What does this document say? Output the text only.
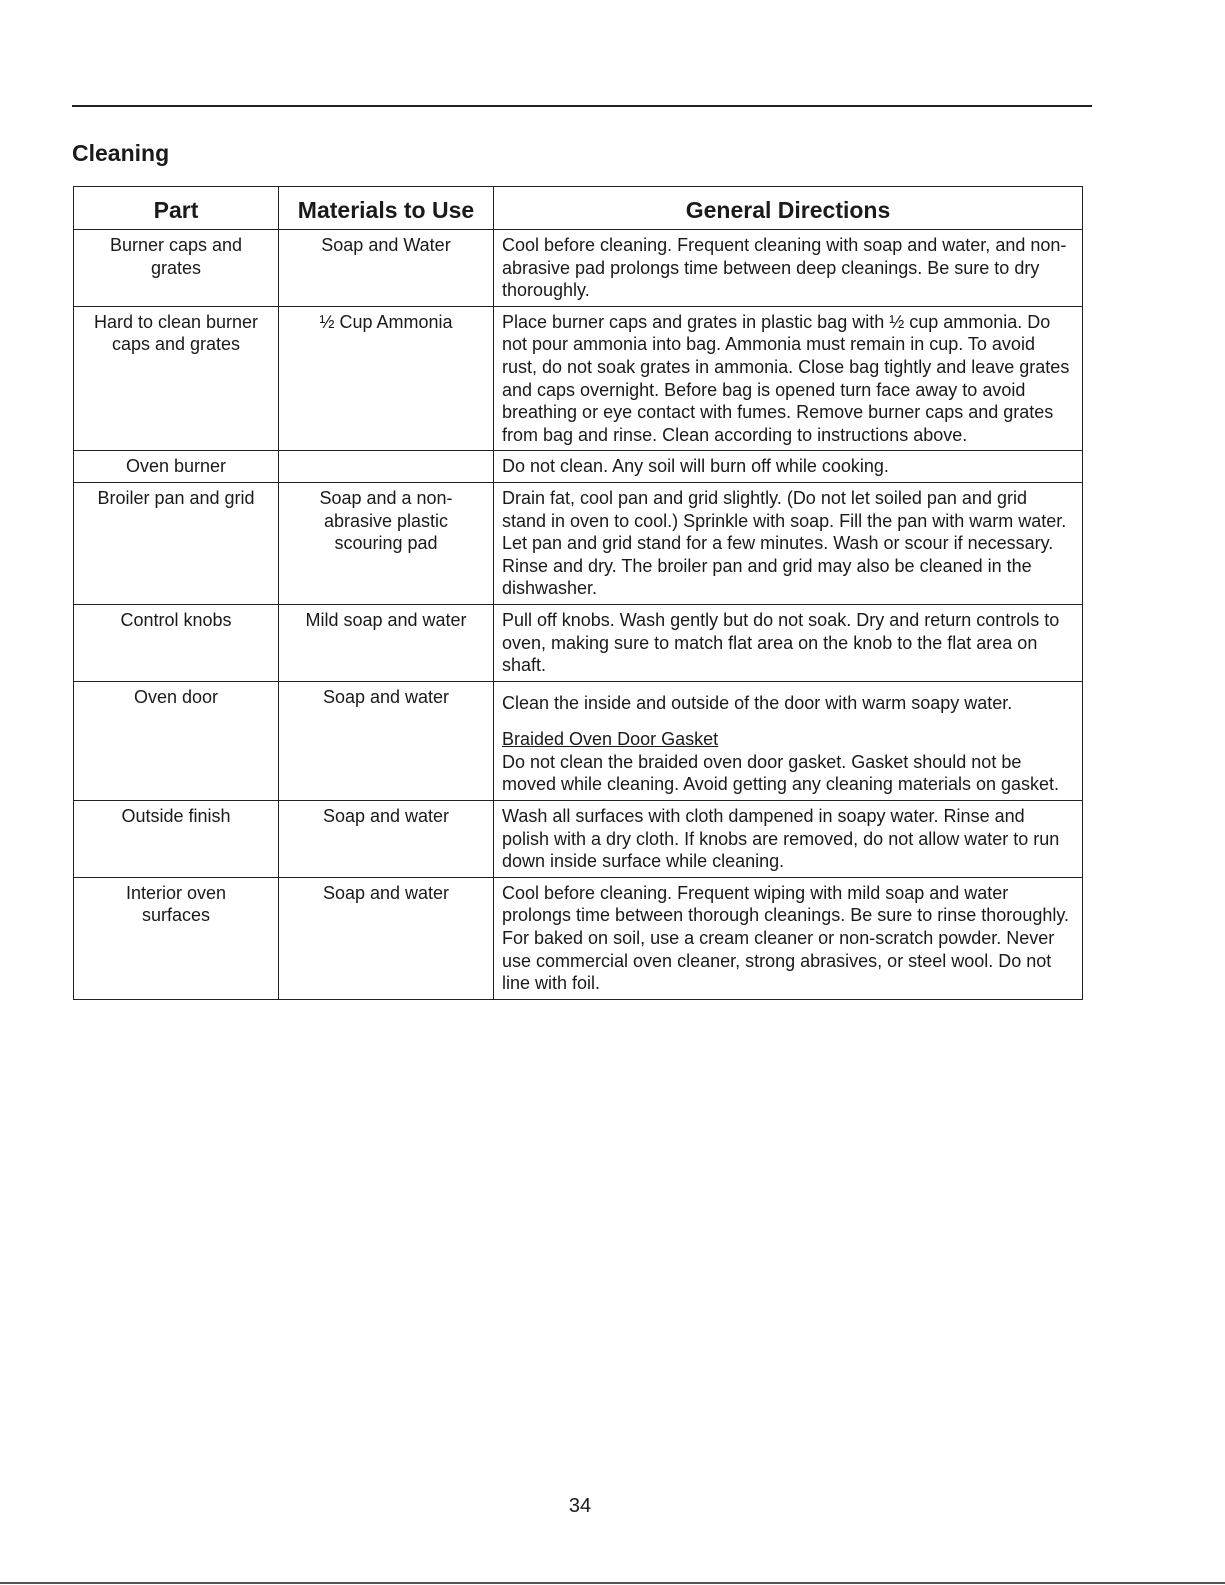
Cleaning
Part	Materials to Use	General Directions
Burner caps and grates	Soap and Water	Cool before cleaning. Frequent cleaning with soap and water, and non-abrasive pad prolongs time between deep cleanings. Be sure to dry thoroughly.
Hard to clean burner caps and grates	½ Cup Ammonia	Place burner caps and grates in plastic bag with ½ cup ammonia. Do not pour ammonia into bag. Ammonia must remain in cup. To avoid rust, do not soak grates in ammonia. Close bag tightly and leave grates and caps overnight. Before bag is opened turn face away to avoid breathing or eye contact with fumes. Remove burner caps and grates from bag and rinse. Clean according to instructions above.
Oven burner		Do not clean. Any soil will burn off while cooking.
Broiler pan and grid	Soap and a non-abrasive plastic scouring pad	Drain fat, cool pan and grid slightly. (Do not let soiled pan and grid stand in oven to cool.) Sprinkle with soap. Fill the pan with warm water. Let pan and grid stand for a few minutes. Wash or scour if necessary. Rinse and dry. The broiler pan and grid may also be cleaned in the dishwasher.
Control knobs	Mild soap and water	Pull off knobs. Wash gently but do not soak. Dry and return controls to oven, making sure to match flat area on the knob to the flat area on shaft.
Oven door	Soap and water	Clean the inside and outside of the door with warm soapy water.
Braided Oven Door Gasket
Do not clean the braided oven door gasket. Gasket should not be moved while cleaning. Avoid getting any cleaning materials on gasket.
Outside finish	Soap and water	Wash all surfaces with cloth dampened in soapy water. Rinse and polish with a dry cloth. If knobs are removed, do not allow water to run down inside surface while cleaning.
Interior oven surfaces	Soap and water	Cool before cleaning. Frequent wiping with mild soap and water prolongs time between thorough cleanings. Be sure to rinse thoroughly. For baked on soil, use a cream cleaner or non-scratch powder. Never use commercial oven cleaner, strong abrasives, or steel wool. Do not line with foil.
34
